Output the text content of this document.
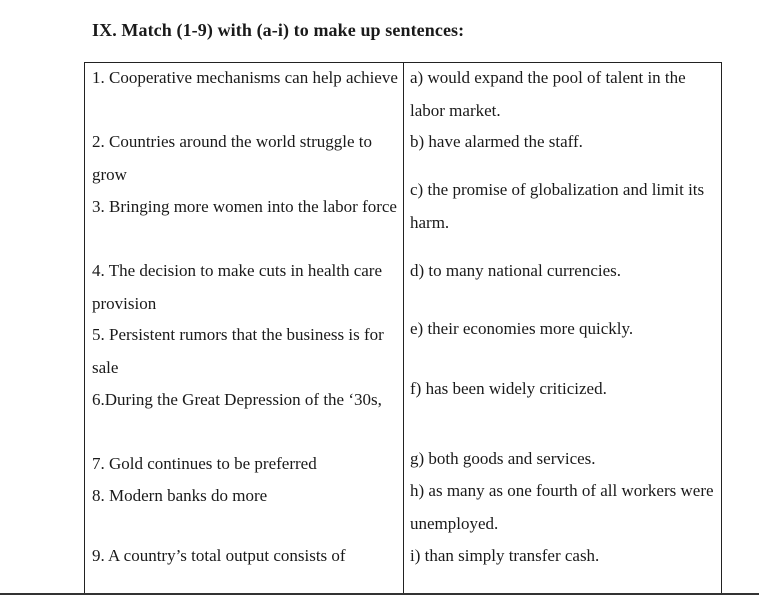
IX. Match (1-9) with (a-i) to make up sentences:

1. Cooperative mechanisms can help achieve

2. Countries around the world struggle to grow

3. Bringing more women into the labor force

4. The decision to make cuts in health care provision

5. Persistent rumors that the business is for sale

6.During the Great Depression of the ‘30s,

7. Gold continues to be preferred

8. Modern banks do more

9. A country’s total output consists of

a) would expand the pool of talent in the labor market.

b) have alarmed the staff.

c) the promise of globalization and limit its harm.

d) to many national currencies.

e) their economies more quickly.

f) has been widely criticized.

g) both goods and services.

h) as many as one fourth of all workers were unemployed.

i) than simply transfer cash.
